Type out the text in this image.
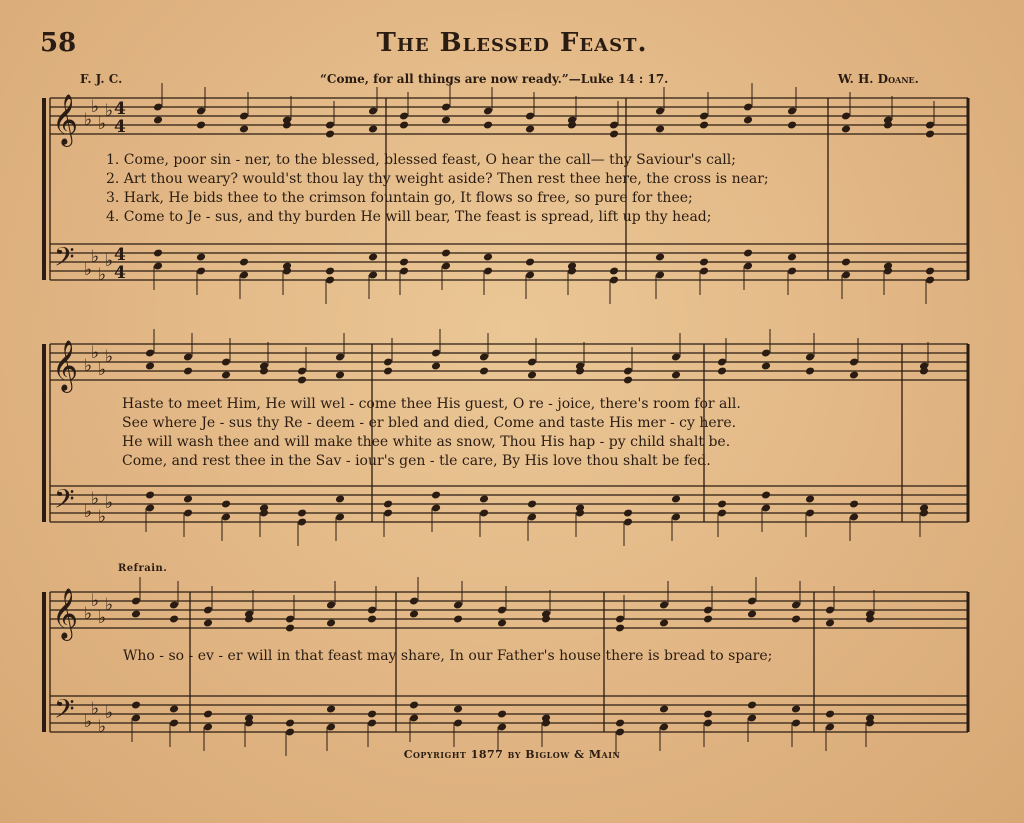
58	The Blessed Feast.
F. J. C.	“Come, for all things are now ready.”—Luke 14 : 17.	W. H. Doane.
𝄞
𝄢
♭
♭
♭
♭
♭
♭
♭
♭
4
4
4
4
𝄞
𝄢
♭
♭
♭
♭
♭
♭
♭
♭
𝄞
𝄢
♭
♭
♭
♭
♭
♭
♭
♭
1. Come, poor sin - ner, to the blessed, blessed feast, O hear the call— thy Saviour's call;
2. Art thou weary? would'st thou lay thy weight aside? Then rest thee here, the cross is near;
3. Hark, He bids thee to the crimson fountain go, It flows so free, so pure for thee;
4. Come to Je - sus, and thy burden He will bear, The feast is spread, lift up thy head;
Haste to meet Him, He will wel - come thee His guest, O re - joice, there's room for all.
See where Je - sus thy Re - deem - er bled and died, Come and taste His mer - cy here.
He will wash thee and will make thee white as snow, Thou His hap - py child shalt be.
Come, and rest thee in the Sav - iour's gen - tle care, By His love thou shalt be fed.
Refrain.
Who - so - ev - er will in that feast may share, In our Father's house there is bread to spare;
Copyright 1877 by Biglow & Main
